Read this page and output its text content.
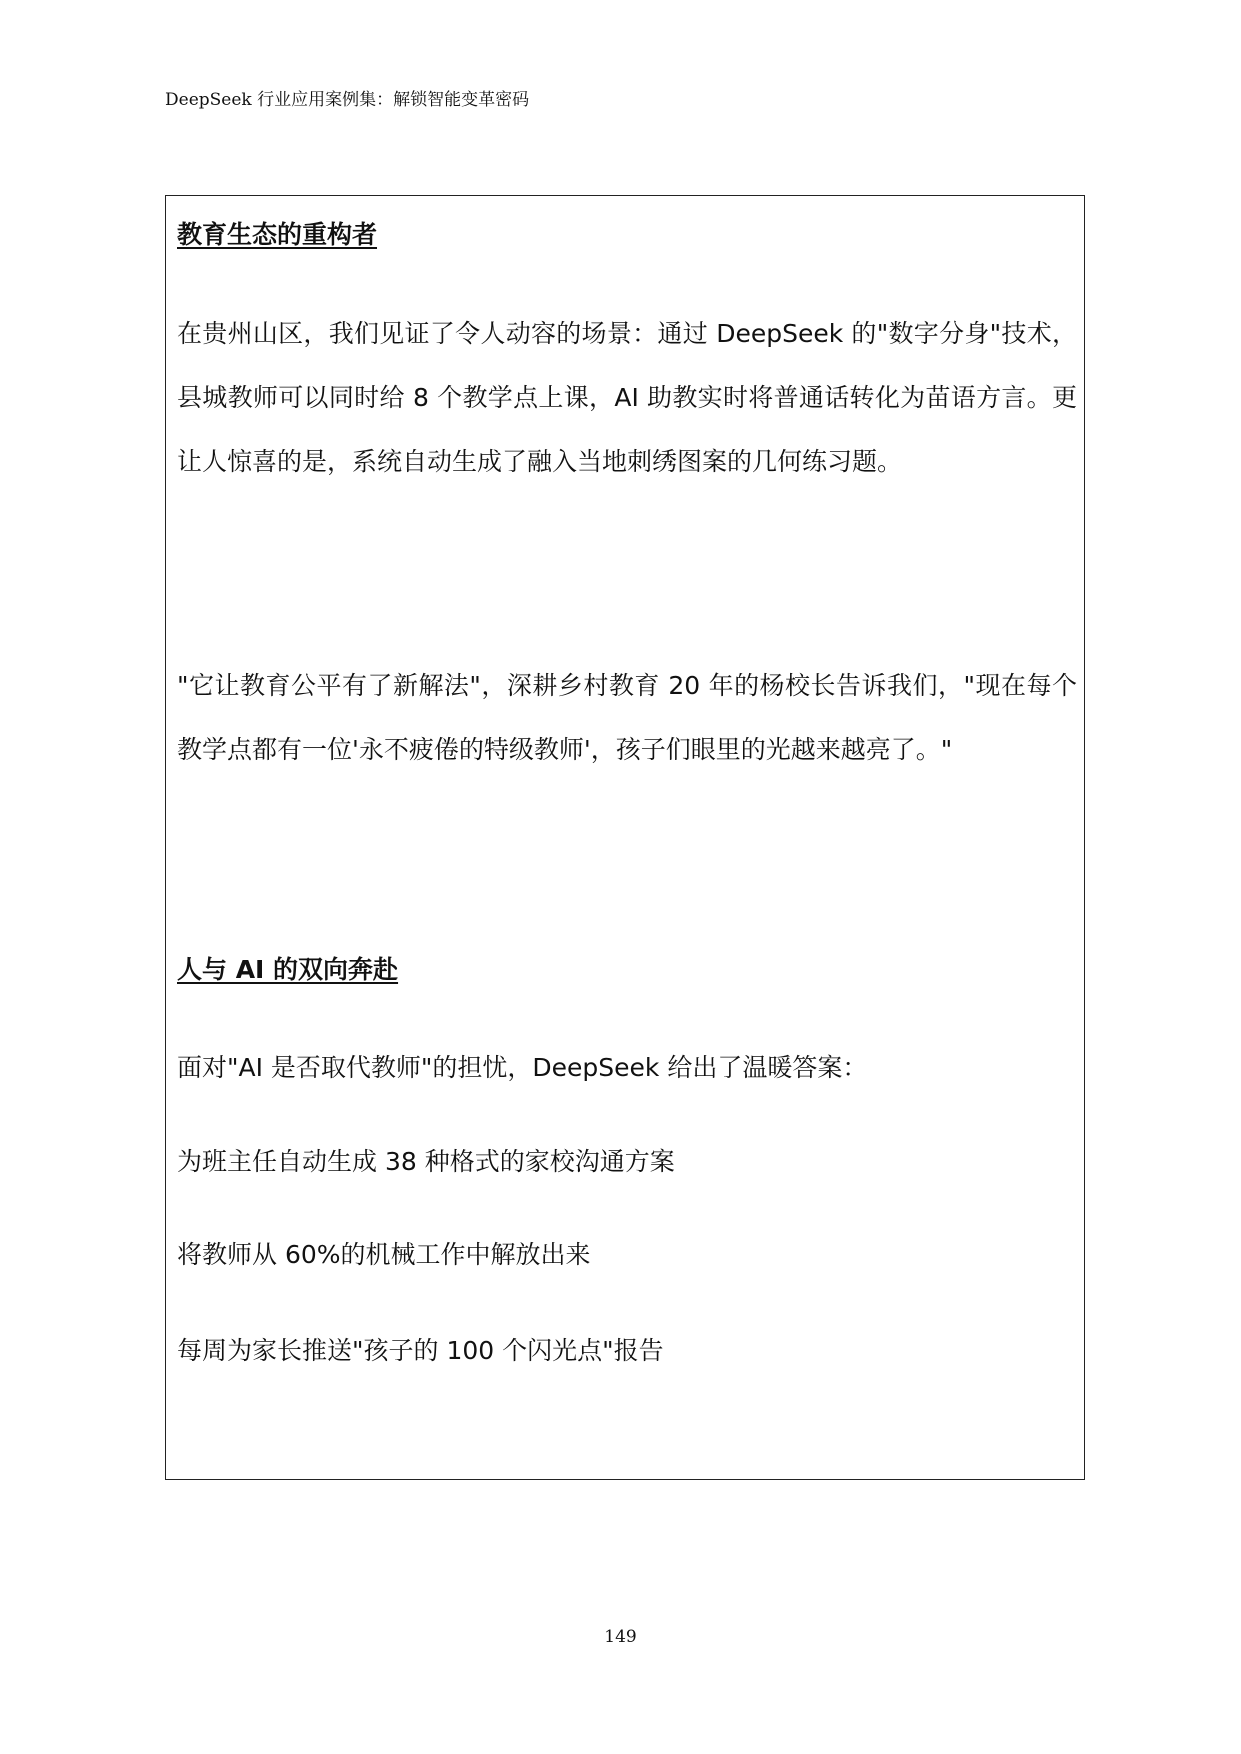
DeepSeek 行业应用案例集：解锁智能变革密码
教育生态的重构者
在贵州山区，我们见证了令人动容的场景：通过 DeepSeek 的"数字分身"技术，县城教师可以同时给 8 个教学点上课，AI 助教实时将普通话转化为苗语方言。更让人惊喜的是，系统自动生成了融入当地刺绣图案的几何练习题。
"它让教育公平有了新解法"，深耕乡村教育 20 年的杨校长告诉我们，"现在每个教学点都有一位'永不疲倦的特级教师'，孩子们眼里的光越来越亮了。"
人与 AI 的双向奔赴
面对"AI 是否取代教师"的担忧，DeepSeek 给出了温暖答案：
为班主任自动生成 38 种格式的家校沟通方案
将教师从 60%的机械工作中解放出来
每周为家长推送"孩子的 100 个闪光点"报告
149
